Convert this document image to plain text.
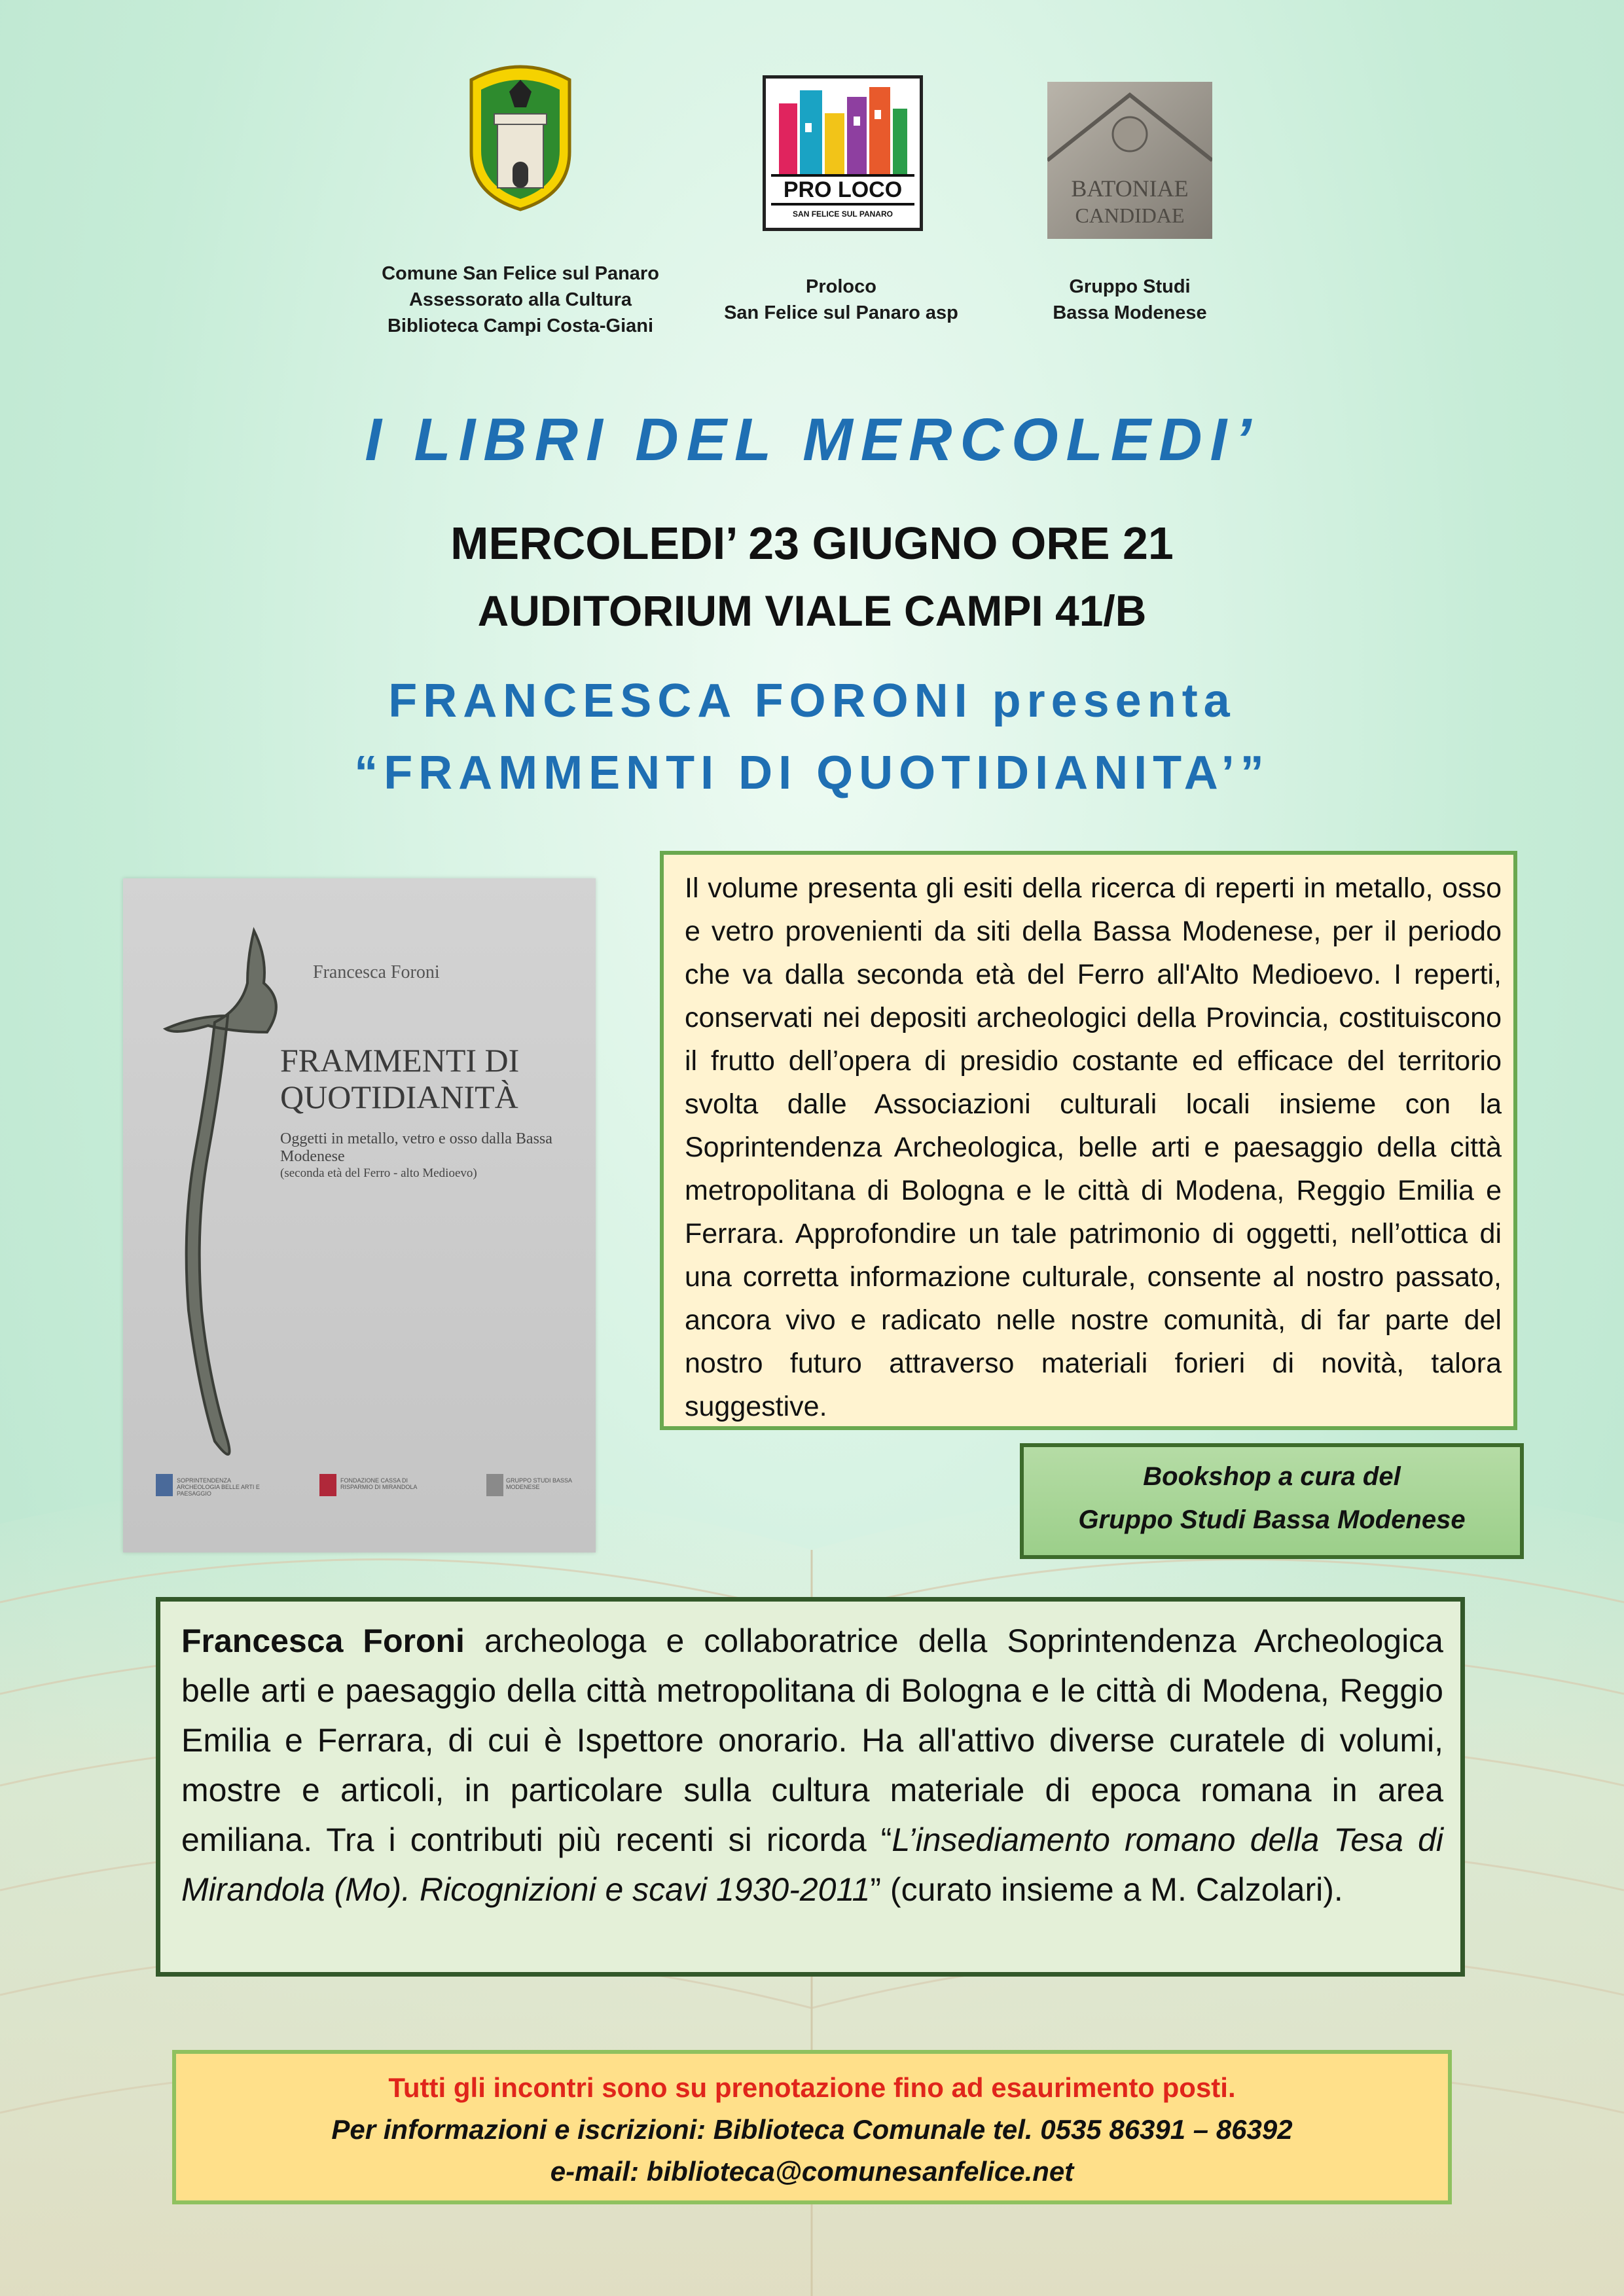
PRO LOCO
SAN FELICE SUL PANARO
BATONIAE
CANDIDAE
Comune San Felice sul Panaro
Assessorato alla Cultura
Biblioteca Campi Costa-Giani
Proloco
San Felice sul Panaro asp
Gruppo Studi
Bassa Modenese
I LIBRI DEL MERCOLEDI’
MERCOLEDI’ 23 GIUGNO ORE 21
AUDITORIUM VIALE CAMPI 41/B
FRANCESCA FORONI presenta
“FRAMMENTI DI QUOTIDIANITA’”
Francesca Foroni
FRAMMENTI DI
QUOTIDIANITÀ
Oggetti in metallo, vetro e osso dalla Bassa Modenese
(seconda età del Ferro - alto Medioevo)
SOPRINTENDENZA ARCHEOLOGIA BELLE ARTI E PAESAGGIO
FONDAZIONE CASSA DI RISPARMIO DI MIRANDOLA
GRUPPO STUDI BASSA MODENESE
Il volume presenta gli esiti della ricerca di reperti in metallo, osso e vetro provenienti da siti della Bassa Modenese, per il periodo che va dalla seconda età del Ferro all'Alto Medioevo. I reperti, conservati nei depositi archeologici della Provincia, costituiscono il frutto dell’opera di presidio costante ed efficace del territorio svolta dalle Associazioni culturali locali insieme con la Soprintendenza Archeologica, belle arti e paesaggio della città metropolitana di Bologna e le città di Modena, Reggio Emilia e Ferrara. Approfondire un tale patrimonio di oggetti, nell’ottica di una corretta informazione culturale, consente al nostro passato, ancora vivo e radicato nelle nostre comunità, di far parte del nostro futuro attraverso materiali forieri di novità, talora suggestive.
Bookshop a cura del
Gruppo Studi Bassa Modenese
Francesca Foroni archeologa e collaboratrice della Soprintendenza Archeologica belle arti e paesaggio della città metropolitana di Bologna e le città di Modena, Reggio Emilia e Ferrara, di cui è Ispettore onorario. Ha all'attivo diverse curatele di volumi, mostre e articoli, in particolare sulla cultura materiale di epoca romana in area emiliana. Tra i contributi più recenti si ricorda “L’insediamento romano della Tesa di Mirandola (Mo). Ricognizioni e scavi 1930-2011” (curato insieme a M. Calzolari).
Tutti gli incontri sono su prenotazione fino ad esaurimento posti.
Per informazioni e iscrizioni: Biblioteca Comunale tel. 0535 86391 – 86392
e-mail: biblioteca@comunesanfelice.net
